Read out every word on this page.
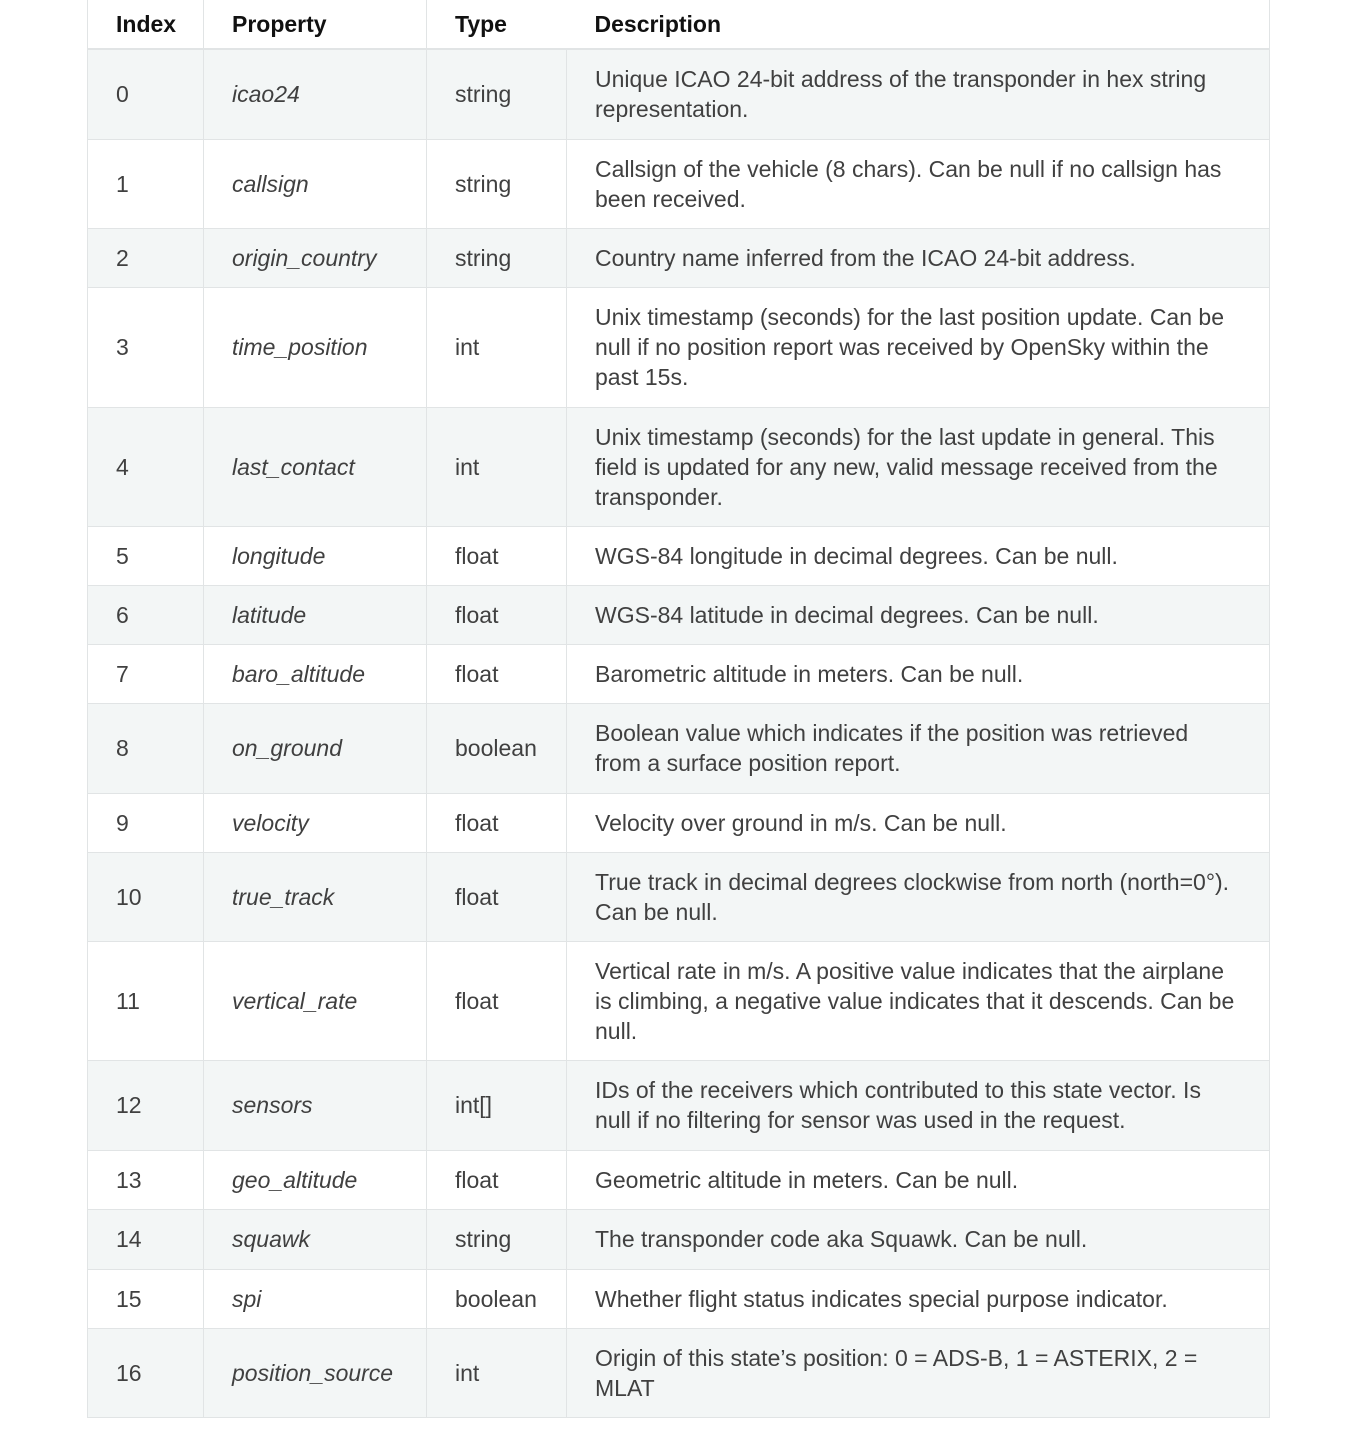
Index	Property	Type	Description
0	icao24	string	Unique ICAO 24-bit address of the transponder in hex string representation.
1	callsign	string	Callsign of the vehicle (8 chars). Can be null if no callsign has been received.
2	origin_country	string	Country name inferred from the ICAO 24-bit address.
3	time_position	int	Unix timestamp (seconds) for the last position update. Can be null if no position report was received by OpenSky within the past 15s.
4	last_contact	int	Unix timestamp (seconds) for the last update in general. This field is updated for any new, valid message received from the transponder.
5	longitude	float	WGS-84 longitude in decimal degrees. Can be null.
6	latitude	float	WGS-84 latitude in decimal degrees. Can be null.
7	baro_altitude	float	Barometric altitude in meters. Can be null.
8	on_ground	boolean	Boolean value which indicates if the position was retrieved from a surface position report.
9	velocity	float	Velocity over ground in m/s. Can be null.
10	true_track	float	True track in decimal degrees clockwise from north (north=0°). Can be null.
11	vertical_rate	float	Vertical rate in m/s. A positive value indicates that the airplane is climbing, a negative value indicates that it descends. Can be null.
12	sensors	int[]	IDs of the receivers which contributed to this state vector. Is null if no filtering for sensor was used in the request.
13	geo_altitude	float	Geometric altitude in meters. Can be null.
14	squawk	string	The transponder code aka Squawk. Can be null.
15	spi	boolean	Whether flight status indicates special purpose indicator.
16	position_source	int	Origin of this state’s position: 0 = ADS-B, 1 = ASTERIX, 2 = MLAT
